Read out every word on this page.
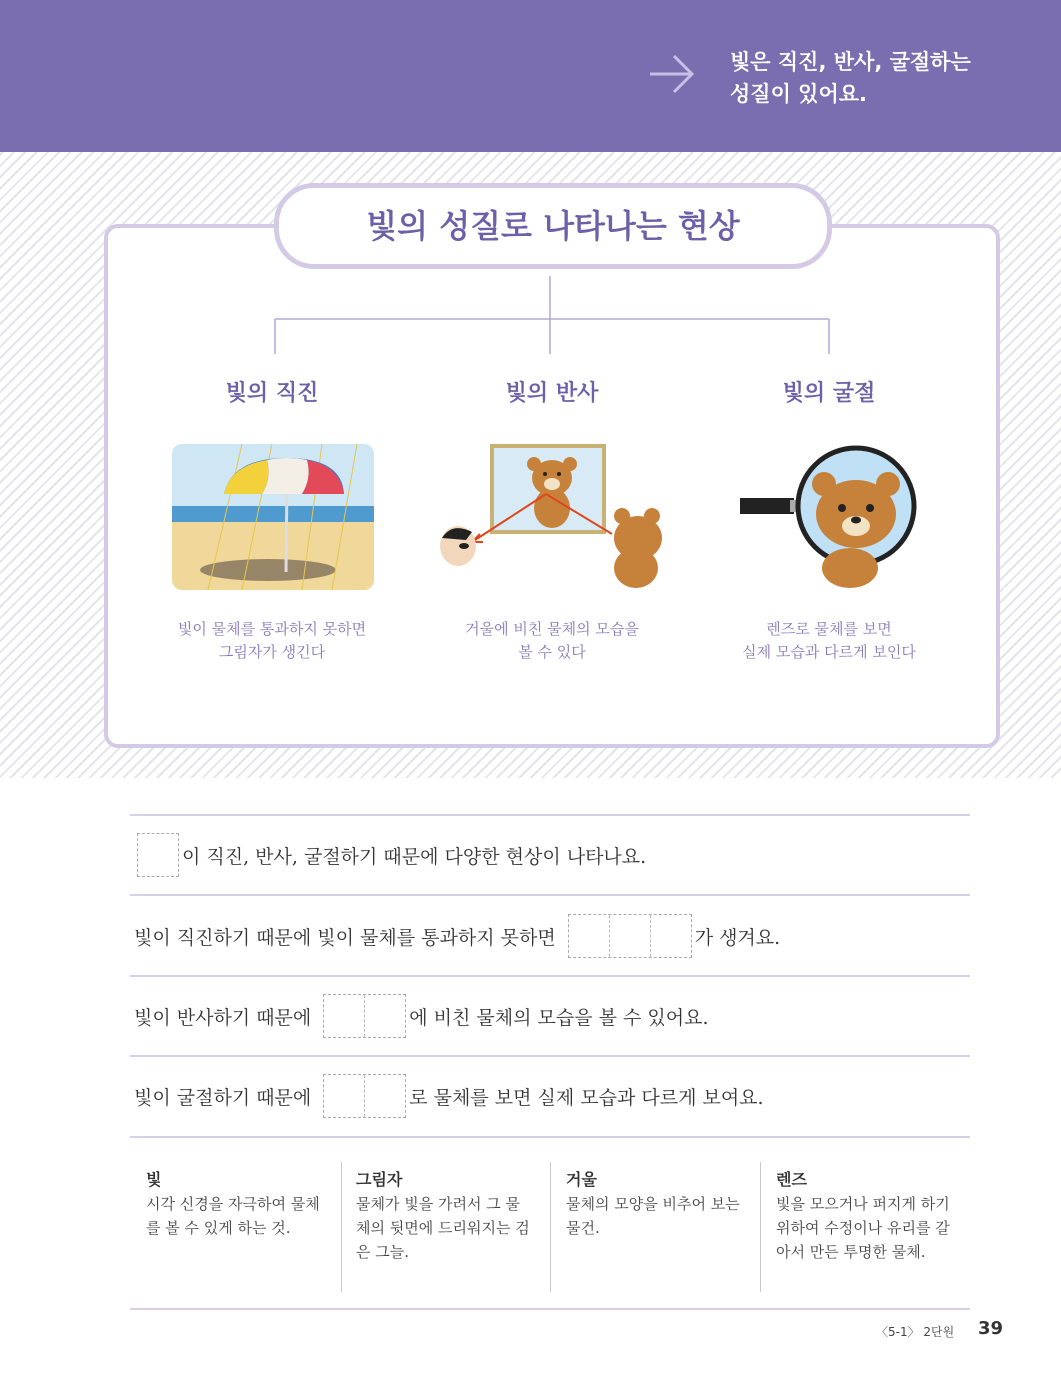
빛은 직진, 반사, 굴절하는
성질이 있어요.
빛의 성질로 나타나는 현상
빛의 직진	빛의 반사	빛의 굴절
빛이 물체를 통과하지 못하면
그림자가 생긴다
거울에 비친 물체의 모습을
볼 수 있다
렌즈로 물체를 보면
실제 모습과 다르게 보인다
이 직진, 반사, 굴절하기 때문에 다양한 현상이 나타나요.
빛이 직진하기 때문에 빛이 물체를 통과하지 못하면	가 생겨요.
빛이 반사하기 때문에	에 비친 물체의 모습을 볼 수 있어요.
빛이 굴절하기 때문에	로 물체를 보면 실제 모습과 다르게 보여요.
빛
시각 신경을 자극하여 물체
를 볼 수 있게 하는 것.
그림자
물체가 빛을 가려서 그 물
체의 뒷면에 드리워지는 검
은 그늘.
거울
물체의 모양을 비추어 보는
물건.
렌즈
빛을 모으거나 퍼지게 하기
위하여 수정이나 유리를 갈
아서 만든 투명한 물체.
〈5-1〉 2단원 39
